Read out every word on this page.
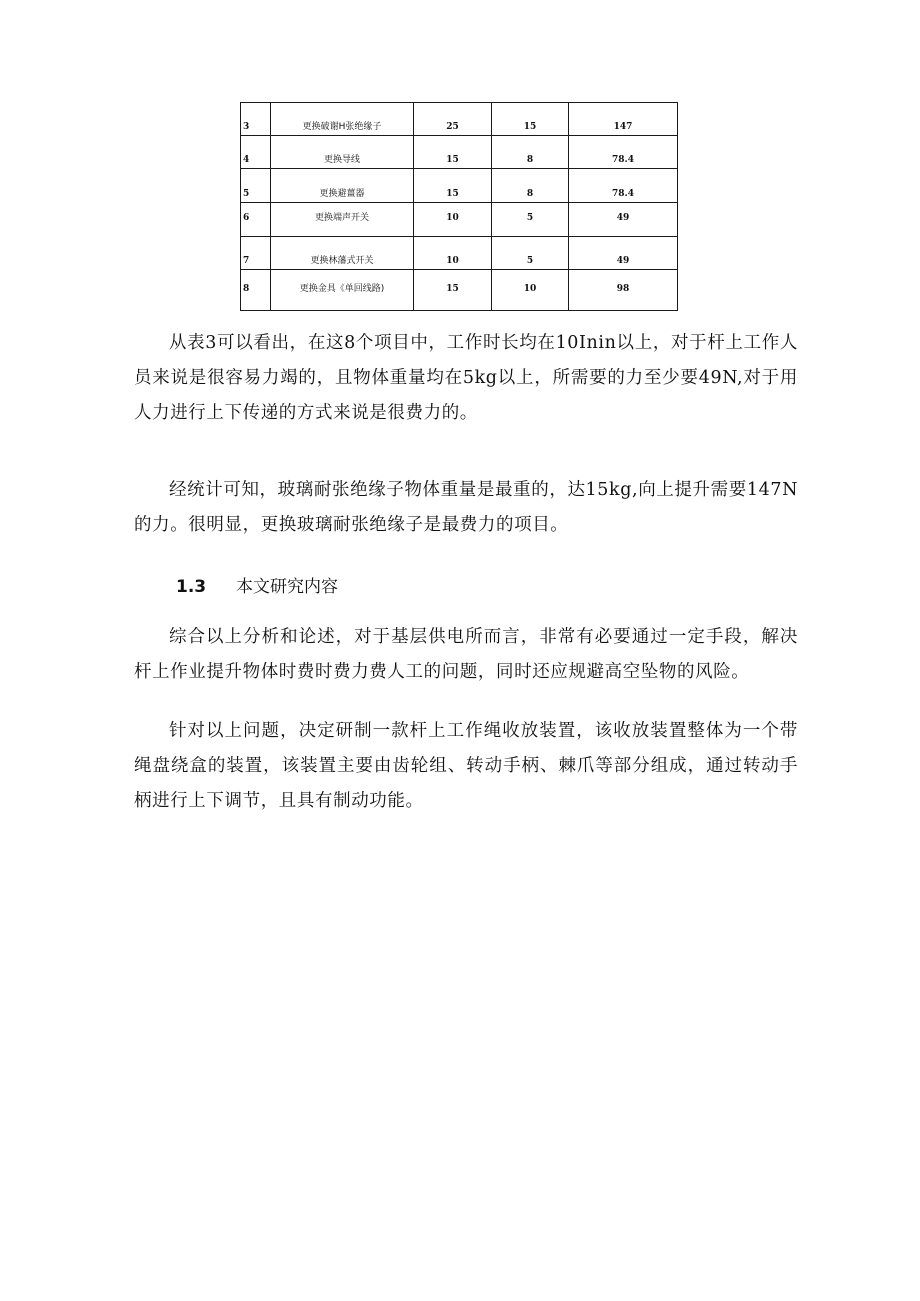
3	更换破谢H张绝缘子	25	15	147
4	更换导线	15	8	78.4
5	更换避薑器	15	8	78.4
6	更换端声开关	10	5	49
7	更换林藩式开关	10	5	49
8	更换金具《单回线路)	15	10	98

从表3可以看出，在这8个项目中，工作时长均在10Inin以上，对于杆上工作人员来说是很容易力竭的，且物体重量均在5kg以上，所需要的力至少要49N,对于用人力进行上下传递的方式来说是很费力的。

经统计可知，玻璃耐张绝缘子物体重量是最重的，达15kg,向上提升需要147N的力。很明显，更换玻璃耐张绝缘子是最费力的项目。

1.3 本文研究内容

综合以上分析和论述，对于基层供电所而言，非常有必要通过一定手段，解决杆上作业提升物体时费时费力费人工的问题，同时还应规避高空坠物的风险。

针对以上问题，决定研制一款杆上工作绳收放装置，该收放装置整体为一个带绳盘绕盒的装置，该装置主要由齿轮组、转动手柄、棘爪等部分组成，通过转动手柄进行上下调节，且具有制动功能。
